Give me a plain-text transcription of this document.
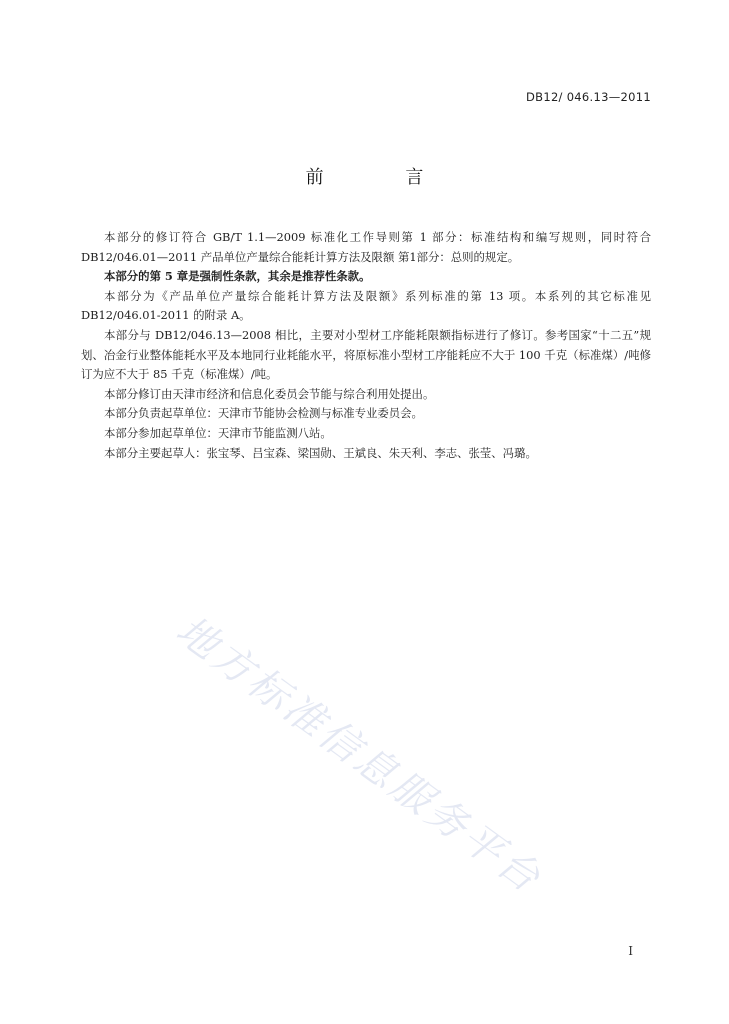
DB12/ 046.13—2011
前 言

本部分的修订符合 GB/T 1.1—2009 标准化工作导则第 1 部分：标准结构和编写规则，同时符合DB12/046.01—2011 产品单位产量综合能耗计算方法及限额 第1部分：总则的规定。

本部分的第 5 章是强制性条款，其余是推荐性条款。

本部分为《产品单位产量综合能耗计算方法及限额》系列标准的第 13 项。本系列的其它标准见DB12/046.01-2011 的附录 A。

本部分与 DB12/046.13—2008 相比，主要对小型材工序能耗限额指标进行了修订。参考国家“十二五”规划、冶金行业整体能耗水平及本地同行业耗能水平，将原标准小型材工序能耗应不大于 100 千克（标准煤）/吨修订为应不大于 85 千克（标准煤）/吨。

本部分修订由天津市经济和信息化委员会节能与综合利用处提出。

本部分负责起草单位：天津市节能协会检测与标准专业委员会。

本部分参加起草单位：天津市节能监测八站。

本部分主要起草人：张宝琴、吕宝森、梁国勋、王斌良、朱天利、李志、张莹、冯璐。

地方标准信息服务平台
I
